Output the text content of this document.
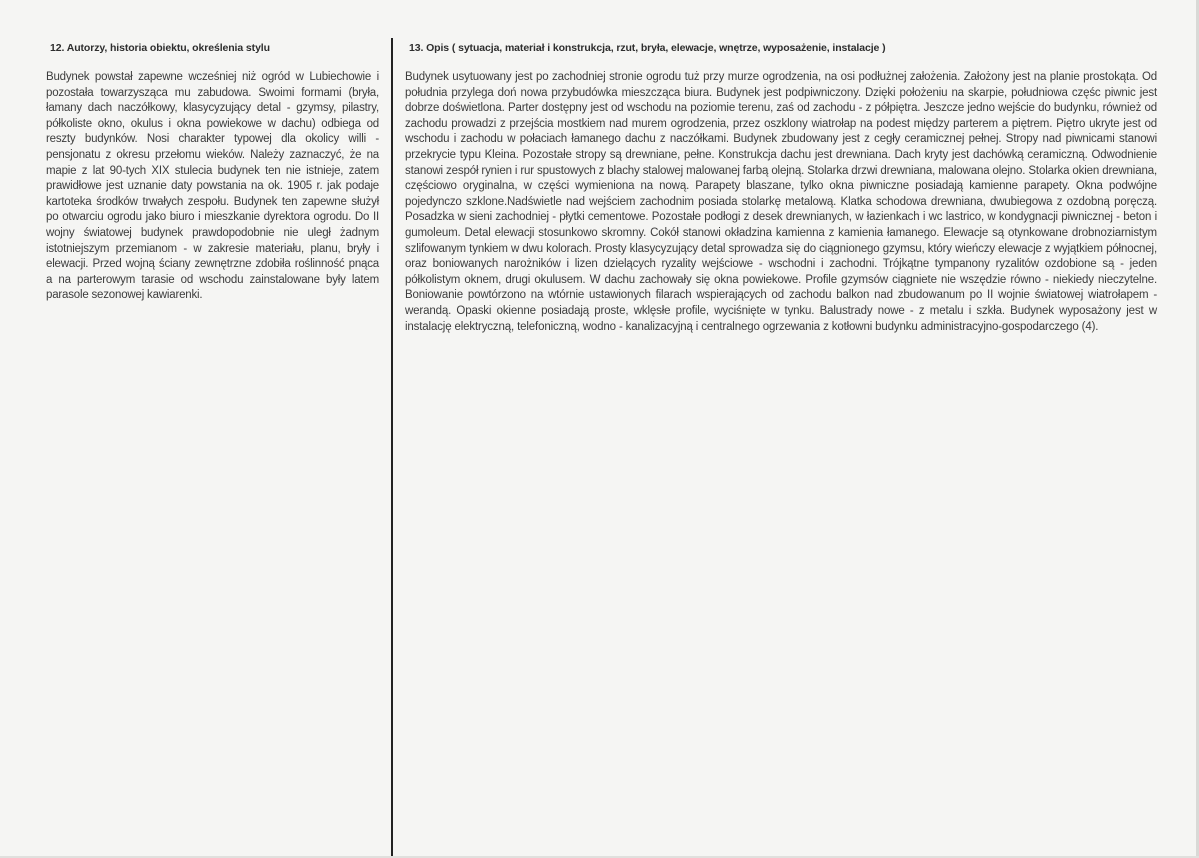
12. Autorzy, historia obiektu, określenia stylu

Budynek powstał zapewne wcześniej niż ogród w Lubiechowie i pozostała towarzysząca mu zabudowa. Swoimi formami (bryła, łamany dach naczółkowy, klasycyzujący detal - gzymsy, pilastry, półkoliste okno, okulus i okna powiekowe w dachu) odbiega od reszty budynków. Nosi charakter typowej dla okolicy willi - pensjonatu z okresu przełomu wieków. Należy zaznaczyć, że na mapie z lat 90-tych XIX stulecia budynek ten nie istnieje, zatem prawidłowe jest uznanie daty powstania na ok. 1905 r. jak podaje kartoteka środków trwałych zespołu. Budynek ten zapewne służył po otwarciu ogrodu jako biuro i mieszkanie dyrektora ogrodu. Do II wojny światowej budynek prawdopodobnie nie uległ żadnym istotniejszym przemianom - w zakresie materiału, planu, bryły i elewacji. Przed wojną ściany zewnętrzne zdobiła roślinność pnąca a na parterowym tarasie od wschodu zainstalowane były latem parasole sezonowej kawiarenki.

13. Opis ( sytuacja, materiał i konstrukcja, rzut, bryła, elewacje, wnętrze, wyposażenie, instalacje )

Budynek usytuowany jest po zachodniej stronie ogrodu tuż przy murze ogrodzenia, na osi podłużnej założenia. Założony jest na planie prostokąta. Od południa przylega doń nowa przybudówka mieszcząca biura. Budynek jest podpiwniczony. Dzięki położeniu na skarpie, południowa częśc piwnic jest dobrze doświetlona. Parter dostępny jest od wschodu na poziomie terenu, zaś od zachodu - z półpiętra. Jeszcze jedno wejście do budynku, również od zachodu prowadzi z przejścia mostkiem nad murem ogrodzenia, przez oszklony wiatrołap na podest między parterem a piętrem. Piętro ukryte jest od wschodu i zachodu w połaciach łamanego dachu z naczółkami. Budynek zbudowany jest z cegły ceramicznej pełnej. Stropy nad piwnicami stanowi przekrycie typu Kleina. Pozostałe stropy są drewniane, pełne. Konstrukcja dachu jest drewniana. Dach kryty jest dachówką ceramiczną. Odwodnienie stanowi zespół rynien i rur spustowych z blachy stalowej malowanej farbą olejną. Stolarka drzwi drewniana, malowana olejno. Stolarka okien drewniana, częściowo oryginalna, w części wymieniona na nową. Parapety blaszane, tylko okna piwniczne posiadają kamienne parapety. Okna podwójne pojedynczo szklone.Nadświetle nad wejściem zachodnim posiada stolarkę metalową. Klatka schodowa drewniana, dwubiegowa z ozdobną poręczą. Posadzka w sieni zachodniej - płytki cementowe. Pozostałe podłogi z desek drewnianych, w łazienkach i wc lastrico, w kondygnacji piwnicznej - beton i gumoleum. Detal elewacji stosunkowo skromny. Cokół stanowi okładzina kamienna z kamienia łamanego. Elewacje są otynkowane drobnoziarnistym szlifowanym tynkiem w dwu kolorach. Prosty klasycyzujący detal sprowadza się do ciągnionego gzymsu, który wieńczy elewacje z wyjątkiem północnej, oraz boniowanych narożników i lizen dzielących ryzality wejściowe - wschodni i zachodni. Trójkątne tympanony ryzalitów ozdobione są - jeden półkolistym oknem, drugi okulusem. W dachu zachowały się okna powiekowe. Profile gzymsów ciągniete nie wszędzie równo - niekiedy nieczytelne. Boniowanie powtórzono na wtórnie ustawionych filarach wspierających od zachodu balkon nad zbudowanum po II wojnie światowej wiatrołapem - werandą. Opaski okienne posiadają proste, wklęsłe profile, wyciśnięte w tynku. Balustrady nowe - z metalu i szkła. Budynek wyposażony jest w instalację elektryczną, telefoniczną, wodno - kanalizacyjną i centralnego ogrzewania z kotłowni budynku administracyjno-gospodarczego (4).
